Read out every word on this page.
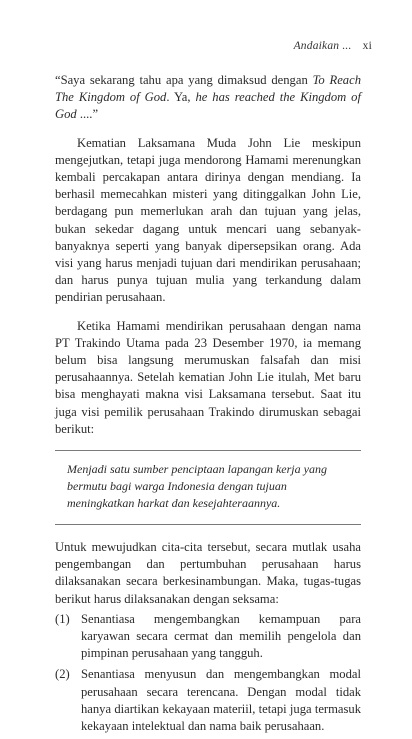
Andaikan ... xi

“Saya sekarang tahu apa yang dimaksud dengan To Reach The Kingdom of God. Ya, he has reached the Kingdom of God ....”

Kematian Laksamana Muda John Lie meskipun mengejutkan, tetapi juga mendorong Hamami merenungkan kembali percakapan antara dirinya dengan mendiang. Ia berhasil memecahkan misteri yang ditinggalkan John Lie, berdagang pun memerlukan arah dan tujuan yang jelas, bukan sekedar dagang untuk mencari uang sebanyak-banyaknya seperti yang banyak dipersepsikan orang. Ada visi yang harus menjadi tujuan dari mendirikan perusahaan; dan harus punya tujuan mulia yang terkandung dalam pendirian perusahaan.

Ketika Hamami mendirikan perusahaan dengan nama PT Trakindo Utama pada 23 Desember 1970, ia memang belum bisa langsung merumuskan falsafah dan misi perusahaannya. Setelah kematian John Lie itulah, Met baru bisa menghayati makna visi Laksamana tersebut. Saat itu juga visi pemilik perusahaan Trakindo dirumuskan sebagai berikut:

Menjadi satu sumber penciptaan lapangan kerja yang bermutu bagi warga Indonesia dengan tujuan meningkatkan harkat dan kesejahteraannya.

Untuk mewujudkan cita-cita tersebut, secara mutlak usaha pengembangan dan pertumbuhan perusahaan harus dilaksanakan secara berkesinambungan. Maka, tugas-tugas berikut harus dilaksanakan dengan seksama:

(1) Senantiasa mengembangkan kemampuan para karyawan secara cermat dan memilih pengelola dan pimpinan perusahaan yang tangguh.
(2) Senantiasa menyusun dan mengembangkan modal perusahaan secara terencana. Dengan modal tidak hanya diartikan kekayaan materiil, tetapi juga termasuk kekayaan intelektual dan nama baik perusahaan.
